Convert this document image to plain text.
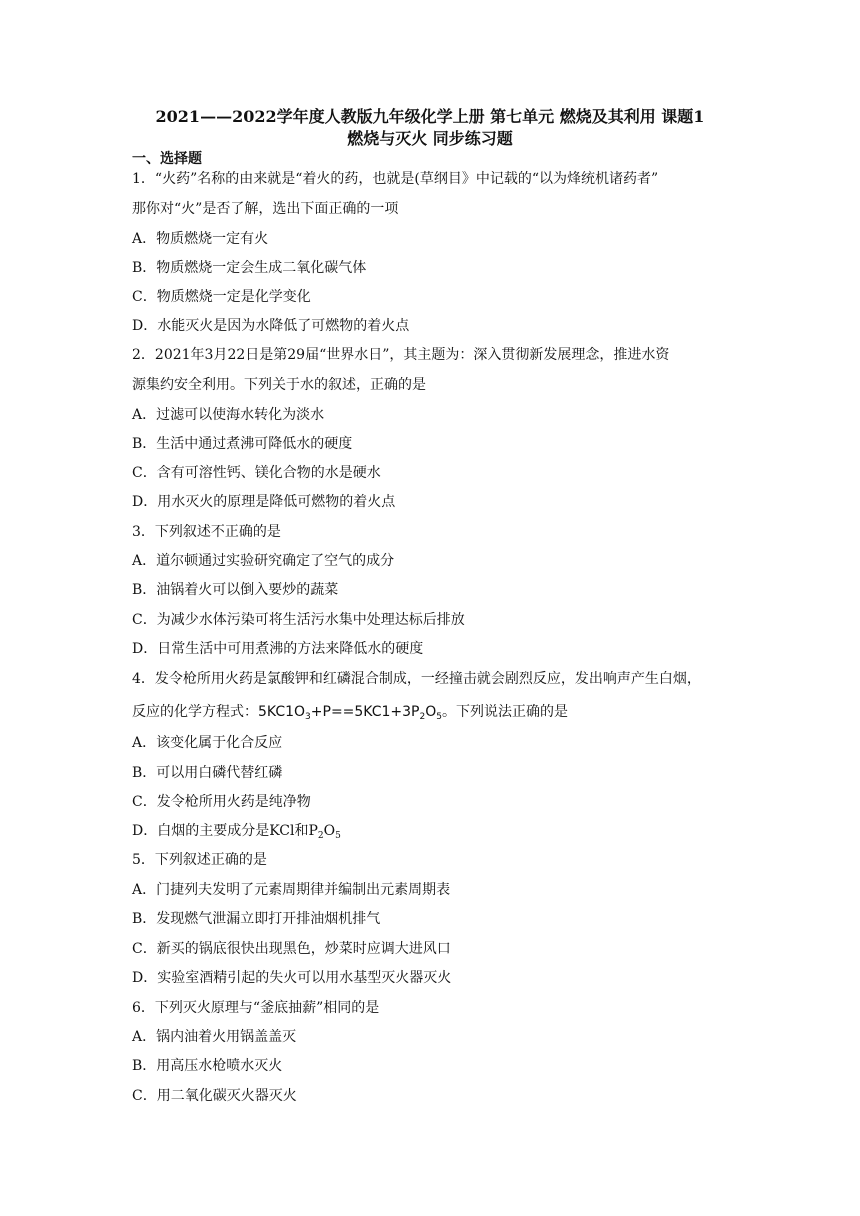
2021——2022学年度人教版九年级化学上册 第七单元 燃烧及其利用 课题1
燃烧与灭火 同步练习题
一、选择题
1．“火药”名称的由来就是“着火的药，也就是(草纲目》中记载的“以为烽统机诸药者”
那你对“火”是否了解，选出下面正确的一项
A．物质燃烧一定有火
B．物质燃烧一定会生成二氧化碳气体
C．物质燃烧一定是化学变化
D．水能灭火是因为水降低了可燃物的着火点
2．2021年3月22日是第29届“世界水日”，其主题为：深入贯彻新发展理念，推进水资
源集约安全利用。下列关于水的叙述，正确的是
A．过滤可以使海水转化为淡水
B．生活中通过煮沸可降低水的硬度
C．含有可溶性钙、镁化合物的水是硬水
D．用水灭火的原理是降低可燃物的着火点
3．下列叙述不正确的是
A．道尔顿通过实验研究确定了空气的成分
B．油锅着火可以倒入要炒的蔬菜
C．为减少水体污染可将生活污水集中处理达标后排放
D．日常生活中可用煮沸的方法来降低水的硬度
4．发令枪所用火药是氯酸钾和红磷混合制成，一经撞击就会剧烈反应，发出响声产生白烟，
反应的化学方程式：$5KC1O_3+P==5KC1+3P_2O_5$。下列说法正确的是
A．该变化属于化合反应
B．可以用白磷代替红磷
C．发令枪所用火药是纯净物
D．白烟的主要成分是KCl和$P_2O_5$
5．下列叙述正确的是
A．门捷列夫发明了元素周期律并编制出元素周期表
B．发现燃气泄漏立即打开排油烟机排气
C．新买的锅底很快出现黑色，炒菜时应调大进风口
D．实验室酒精引起的失火可以用水基型灭火器灭火
6．下列灭火原理与“釜底抽薪”相同的是
A．锅内油着火用锅盖盖灭
B．用高压水枪喷水灭火
C．用二氧化碳灭火器灭火
